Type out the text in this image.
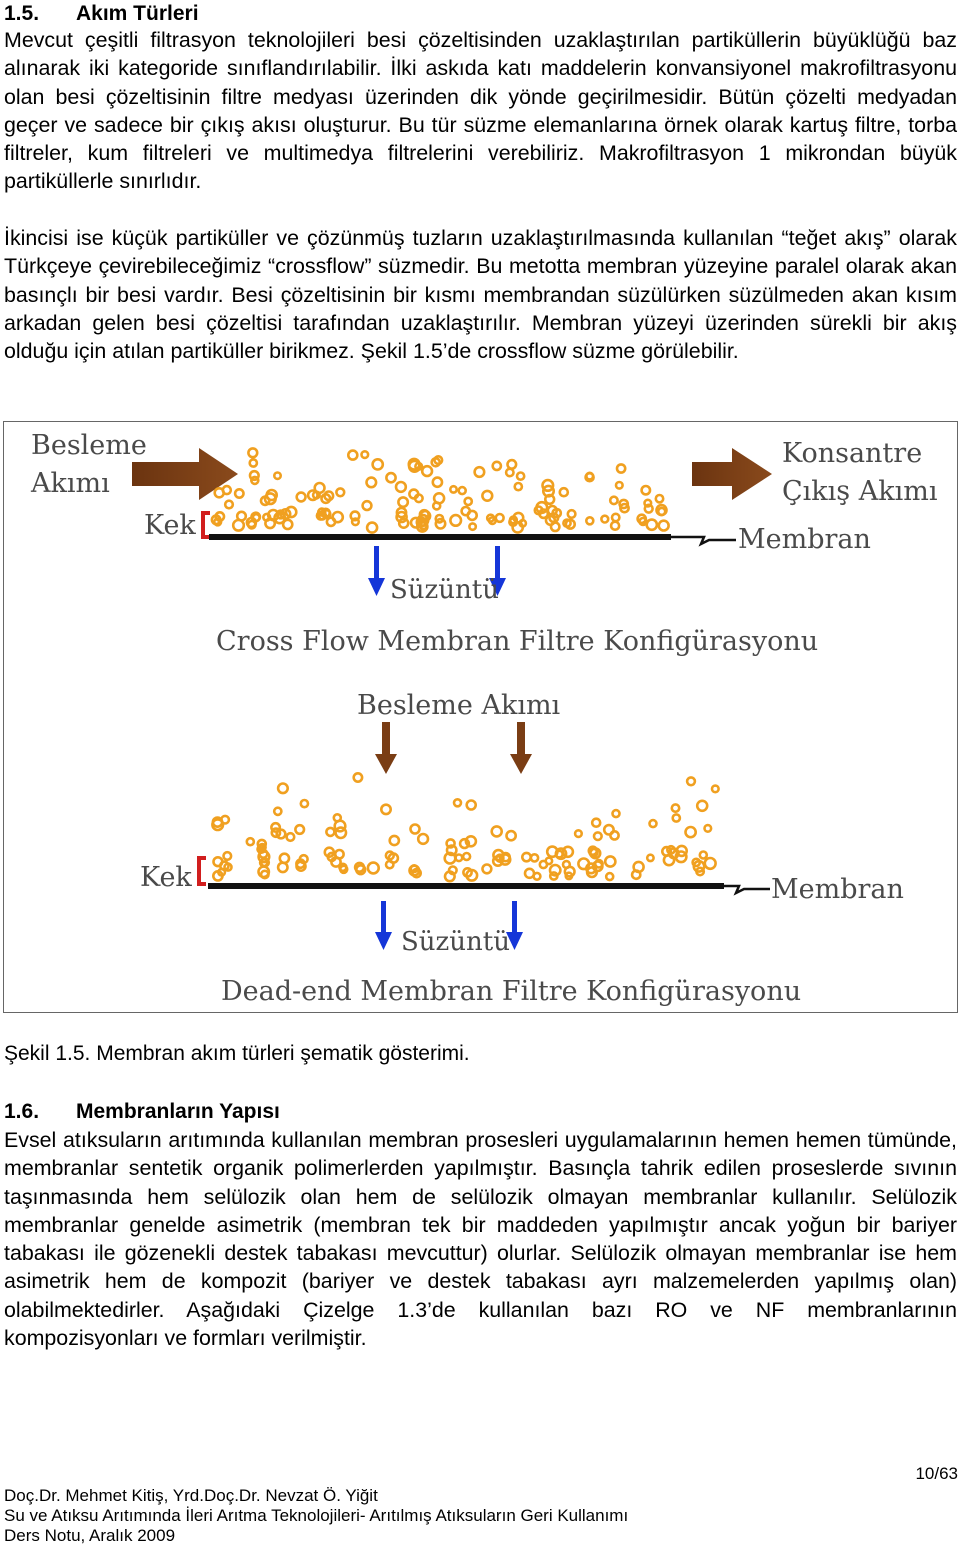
1.5. Akım Türleri

Mevcut çeşitli filtrasyon teknolojileri besi çözeltisinden uzaklaştırılan partiküllerin büyüklüğü baz alınarak iki kategoride sınıflandırılabilir. İlki askıda katı maddelerin konvansiyonel makrofiltrasyonu olan besi çözeltisinin filtre medyası üzerinden dik yönde geçirilmesidir. Bütün çözelti medyadan geçer ve sadece bir çıkış akısı oluşturur. Bu tür süzme elemanlarına örnek olarak kartuş filtre, torba filtreler, kum filtreleri ve multimedya filtrelerini verebiliriz. Makrofiltrasyon 1 mikrondan büyük partiküllerle sınırlıdır.

İkincisi ise küçük partiküller ve çözünmüş tuzların uzaklaştırılmasında kullanılan “teğet akış” olarak Türkçeye çevirebileceğimiz “crossflow” süzmedir. Bu metotta membran yüzeyine paralel olarak akan basınçlı bir besi vardır. Besi çözeltisinin bir kısmı membrandan süzülürken süzülmeden akan kısım arkadan gelen besi çözeltisi tarafından uzaklaştırılır. Membran yüzeyi üzerinden sürekli bir akış olduğu için atılan partiküller birikmez. Şekil 1.5’de crossflow süzme görülebilir.

Besleme
Akımı
Konsantre
Çıkış Akımı
Kek	Membran
Süzüntü
Cross Flow Membran Filtre Konfigürasyonu
Besleme Akımı
Kek	Membran
Süzüntü
Dead-end Membran Filtre Konfigürasyonu

Şekil 1.5. Membran akım türleri şematik gösterimi.

1.6. Membranların Yapısı

Evsel atıksuların arıtımında kullanılan membran prosesleri uygulamalarının hemen hemen tümünde, membranlar sentetik organik polimerlerden yapılmıştır. Basınçla tahrik edilen proseslerde sıvının taşınmasında hem selülozik olan hem de selülozik olmayan membranlar kullanılır. Selülozik membranlar genelde asimetrik (membran tek bir maddeden yapılmıştır ancak yoğun bir bariyer tabakası ile gözenekli destek tabakası mevcuttur) olurlar. Selülozik olmayan membranlar ise hem asimetrik hem de kompozit (bariyer ve destek tabakası ayrı malzemelerden yapılmış olan) olabilmektedirler. Aşağıdaki Çizelge 1.3’de kullanılan bazı RO ve NF membranlarının kompozisyonları ve formları verilmiştir.

10/63

Doç.Dr. Mehmet Kitiş, Yrd.Doç.Dr. Nevzat Ö. Yiğit

Su ve Atıksu Arıtımında İleri Arıtma Teknolojileri- Arıtılmış Atıksuların Geri Kullanımı

Ders Notu, Aralık 2009
